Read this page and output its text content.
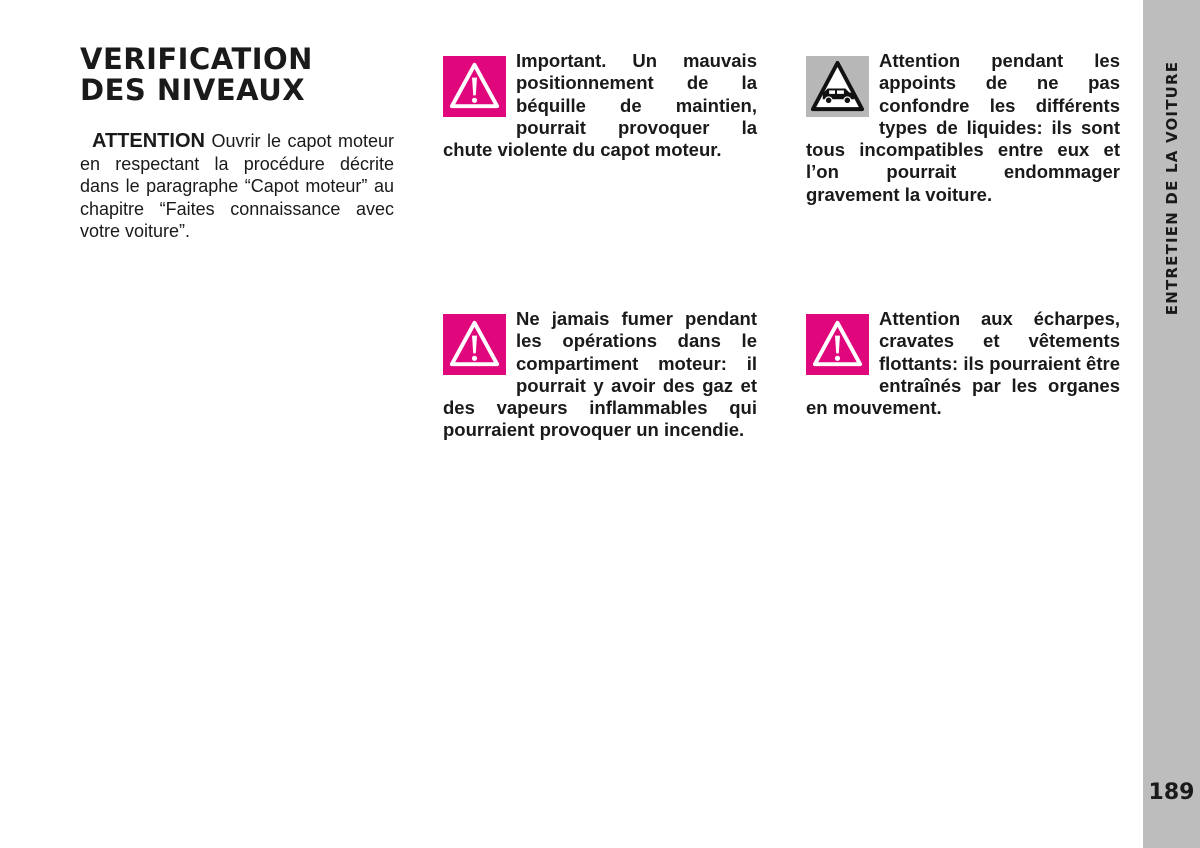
VERIFICATION
DES NIVEAUX

ATTENTION Ouvrir le capot moteur en respectant la procédure décrite dans le paragraphe “Capot moteur” au chapitre “Faites connaissance avec votre voiture”.

Important. Un mauvais positionnement de la béquille de maintien, pourrait provoquer la chute violente du capot moteur.

Attention pendant les appoints de ne pas confondre les différents types de liquides: ils sont tous incompatibles entre eux et l’on pourrait endommager gravement la voiture.

Ne jamais fumer pendant les opérations dans le compartiment moteur: il pourrait y avoir des gaz et des vapeurs inflammables qui pourraient provoquer un incendie.

Attention aux écharpes, cravates et vêtements flottants: ils pourraient être entraînés par les organes en mouvement.

ENTRETIEN DE LA VOITURE
189
